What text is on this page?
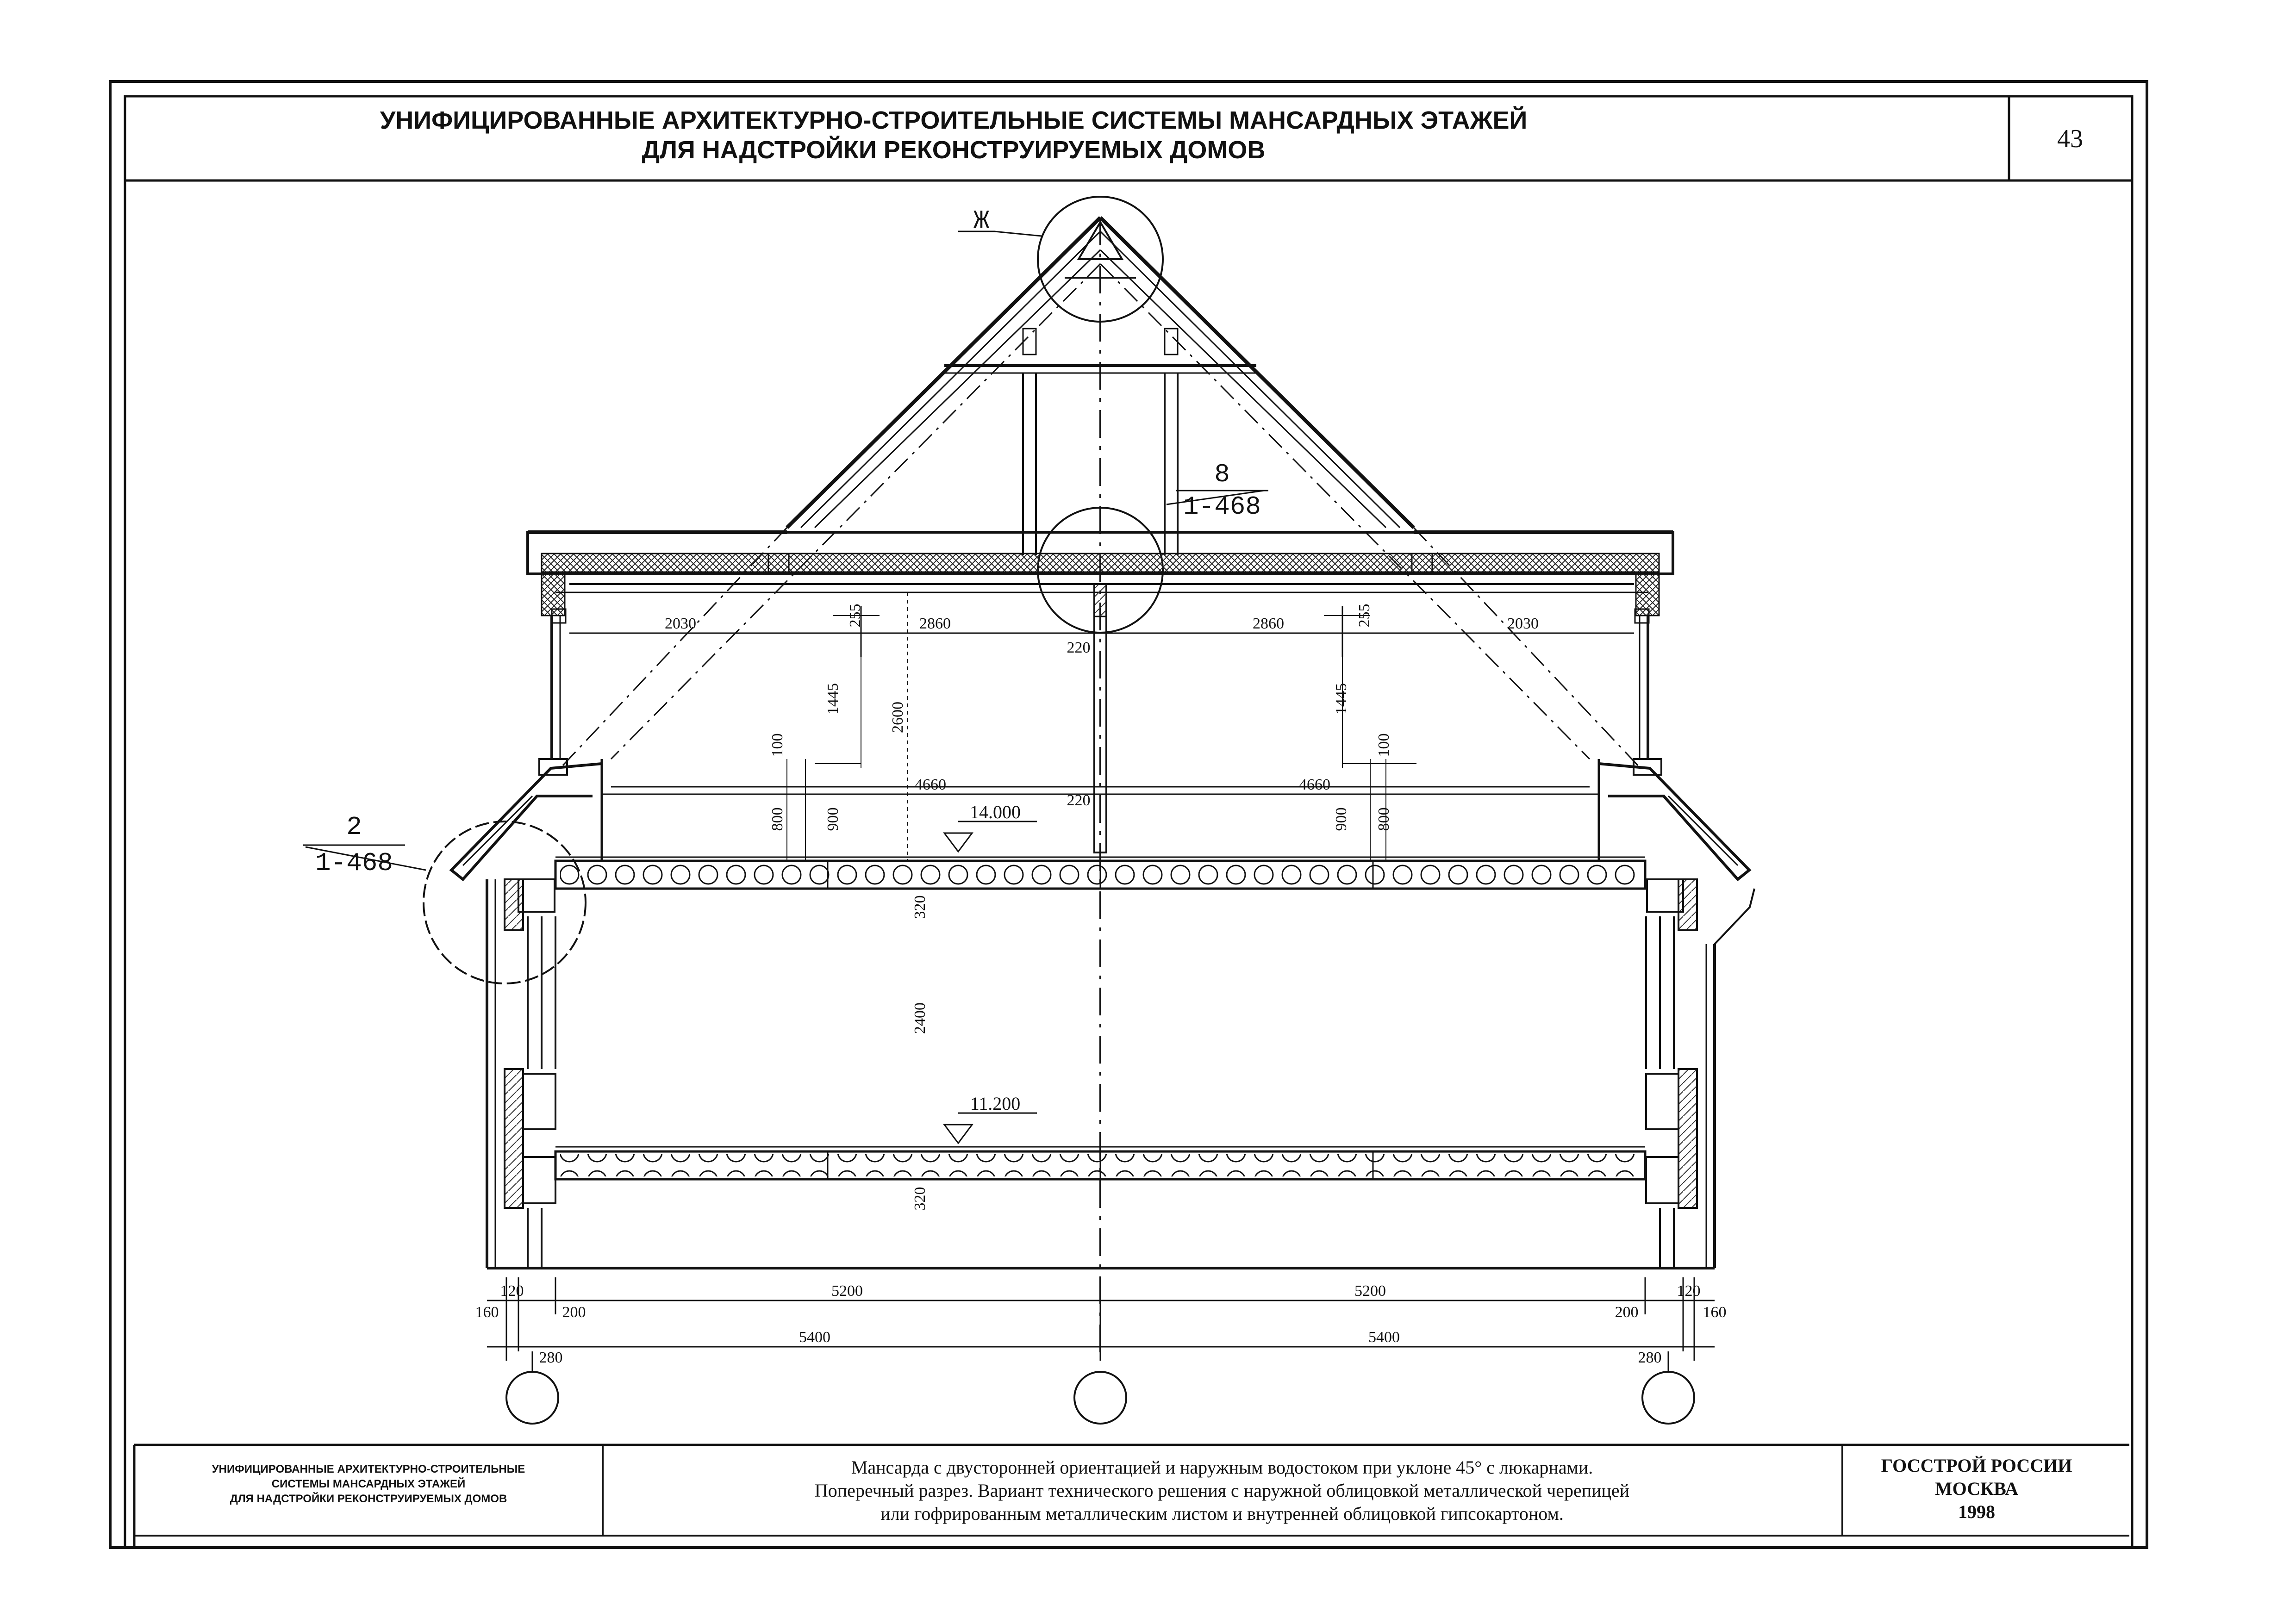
УНИФИЦИРОВАННЫЕ АРХИТЕКТУРНО-СТРОИТЕЛЬНЫЕ СИСТЕМЫ МАНСАРДНЫХ ЭТАЖЕЙ
ДЛЯ НАДСТРОЙКИ РЕКОНСТРУИРУЕМЫХ ДОМОВ	43
Ж
8
1-468
2
1-468
14.000
11.200
2030	2860	2860	2030
220
220
4660	4660
5200	5200
5400	5400
120	120
160	160
200	200
280	280
255	255
1445	1445
2600
100	100
800 900	900 800
320
2400
320
УНИФИЦИРОВАННЫЕ АРХИТЕКТУРНО-СТРОИТЕЛЬНЫЕ
СИСТЕМЫ МАНСАРДНЫХ ЭТАЖЕЙ
ДЛЯ НАДСТРОЙКИ РЕКОНСТРУИРУЕМЫХ ДОМОВ
Мансарда с двусторонней ориентацией и наружным водостоком при уклоне 45° с люкарнами.
Поперечный разрез. Вариант технического решения с наружной облицовкой металлической черепицей
или гофрированным металлическим листом и внутренней облицовкой гипсокартоном.
ГОССТРОЙ РОССИИ
МОСКВА
1998
